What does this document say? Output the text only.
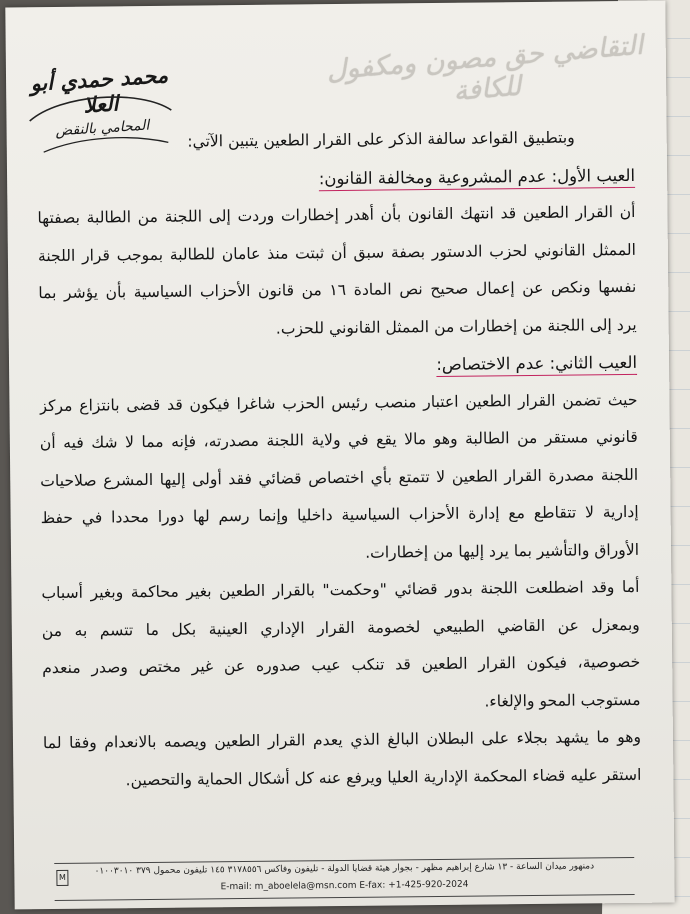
التقاضي حق مصون ومكفول للكافة
محمد حمدي أبو العلا
المحامي بالنقض
وبتطبيق القواعد سالفة الذكر على القرار الطعين يتبين الآتي:
العيب الأول: عدم المشروعية ومخالفة القانون:
أن القرار الطعين قد انتهك القانون بأن أهدر إخطارات وردت إلى اللجنة من الطالبة بصفتها
الممثل القانوني لحزب الدستور بصفة سبق أن ثبتت منذ عامان للطالبة بموجب قرار اللجنة
نفسها ونكص عن إعمال صحيح نص المادة ١٦ من قانون الأحزاب السياسية بأن يؤشر بما
يرد إلى اللجنة من إخطارات من الممثل القانوني للحزب.
العيب الثاني: عدم الاختصاص:
حيث تضمن القرار الطعين اعتبار منصب رئيس الحزب شاغرا فيكون قد قضى بانتزاع مركز
قانوني مستقر من الطالبة وهو مالا يقع في ولاية اللجنة مصدرته، فإنه مما لا شك فيه أن
اللجنة مصدرة القرار الطعين لا تتمتع بأي اختصاص قضائي فقد أولى إليها المشرع صلاحيات
إدارية لا تتقاطع مع إدارة الأحزاب السياسية داخليا وإنما رسم لها دورا محددا في حفظ
الأوراق والتأشير بما يرد إليها من إخطارات.
أما وقد اضطلعت اللجنة بدور قضائي "وحكمت" بالقرار الطعين بغير محاكمة وبغير أسباب
وبمعزل عن القاضي الطبيعي لخصومة القرار الإداري العينية بكل ما تتسم به من
خصوصية، فيكون القرار الطعين قد تنكب عيب صدوره عن غير مختص وصدر منعدم
مستوجب المحو والإلغاء.
وهو ما يشهد بجلاء على البطلان البالغ الذي يعدم القرار الطعين ويصمه بالانعدام وفقا لما
استقر عليه قضاء المحكمة الإدارية العليا ويرفع عنه كل أشكال الحماية والتحصين.
M
دمنهور ميدان الساعة - ١٣ شارع إبراهيم مظهر - بجوار هيئة قضايا الدولة - تليفون وفاكس ٣١٧٨٥٥٦ ١٤٥ تليفون محمول ٣٧٩ ٠١٠٠٣٠١٠
E-mail: m_aboelela@msn.com E-fax: +1-425-920-2024
